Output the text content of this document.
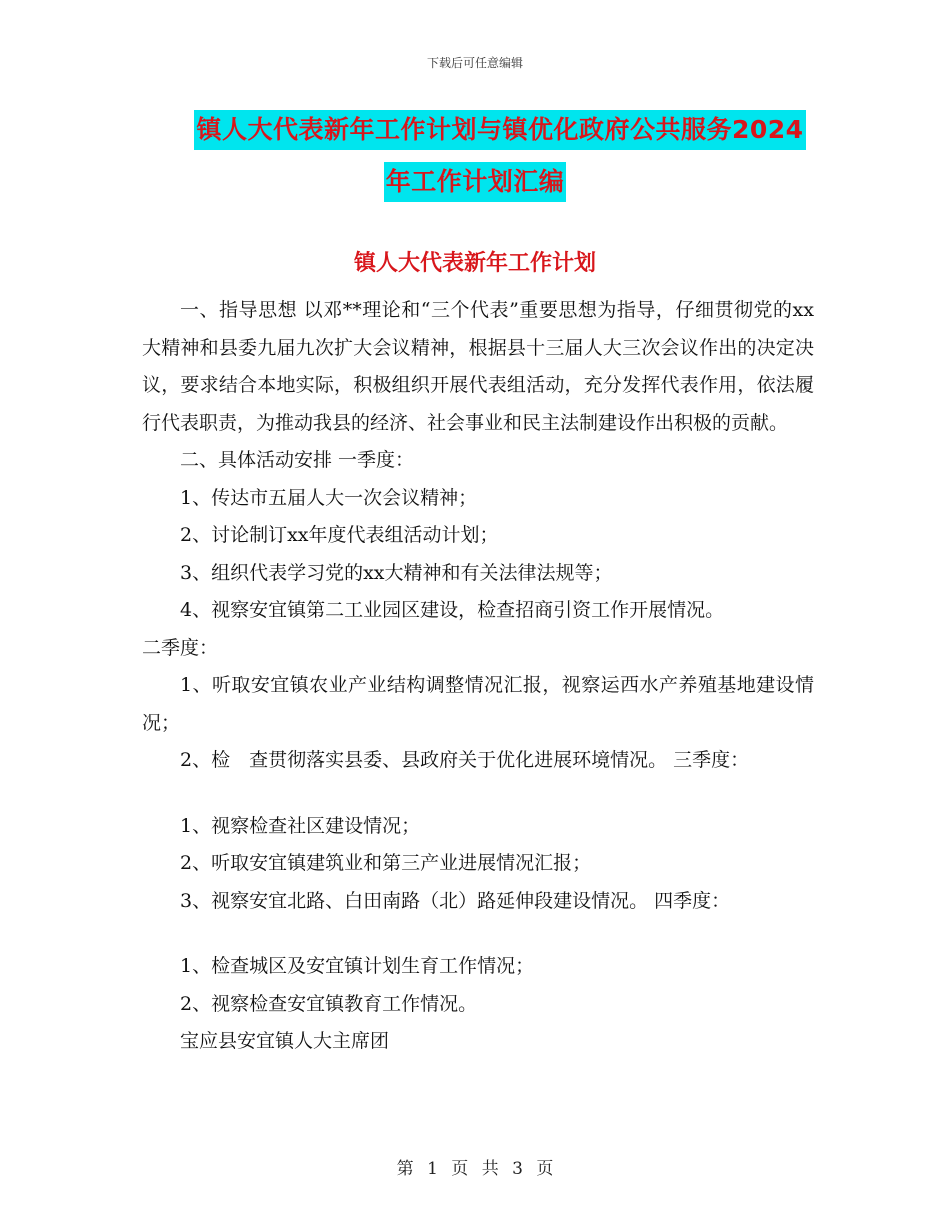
下载后可任意编辑
镇人大代表新年工作计划与镇优化政府公共服务2024
年工作计划汇编
镇人大代表新年工作计划

一、指导思想 以邓**理论和“三个代表”重要思想为指导，仔细贯彻党的xx大精神和县委九届九次扩大会议精神，根据县十三届人大三次会议作出的决定决议，要求结合本地实际，积极组织开展代表组活动，充分发挥代表作用，依法履行代表职责，为推动我县的经济、社会事业和民主法制建设作出积极的贡献。

二、具体活动安排 一季度：

1、传达市五届人大一次会议精神；

2、讨论制订xx年度代表组活动计划；

3、组织代表学习党的xx大精神和有关法律法规等；

4、视察安宜镇第二工业园区建设，检查招商引资工作开展情况。

二季度：

1、听取安宜镇农业产业结构调整情况汇报，视察运西水产养殖基地建设情况；

2、检　查贯彻落实县委、县政府关于优化进展环境情况。 三季度：

1、视察检查社区建设情况；

2、听取安宜镇建筑业和第三产业进展情况汇报；

3、视察安宜北路、白田南路（北）路延伸段建设情况。 四季度：

1、检查城区及安宜镇计划生育工作情况；

2、视察检查安宜镇教育工作情况。

宝应县安宜镇人大主席团

第 1 页 共 3 页
